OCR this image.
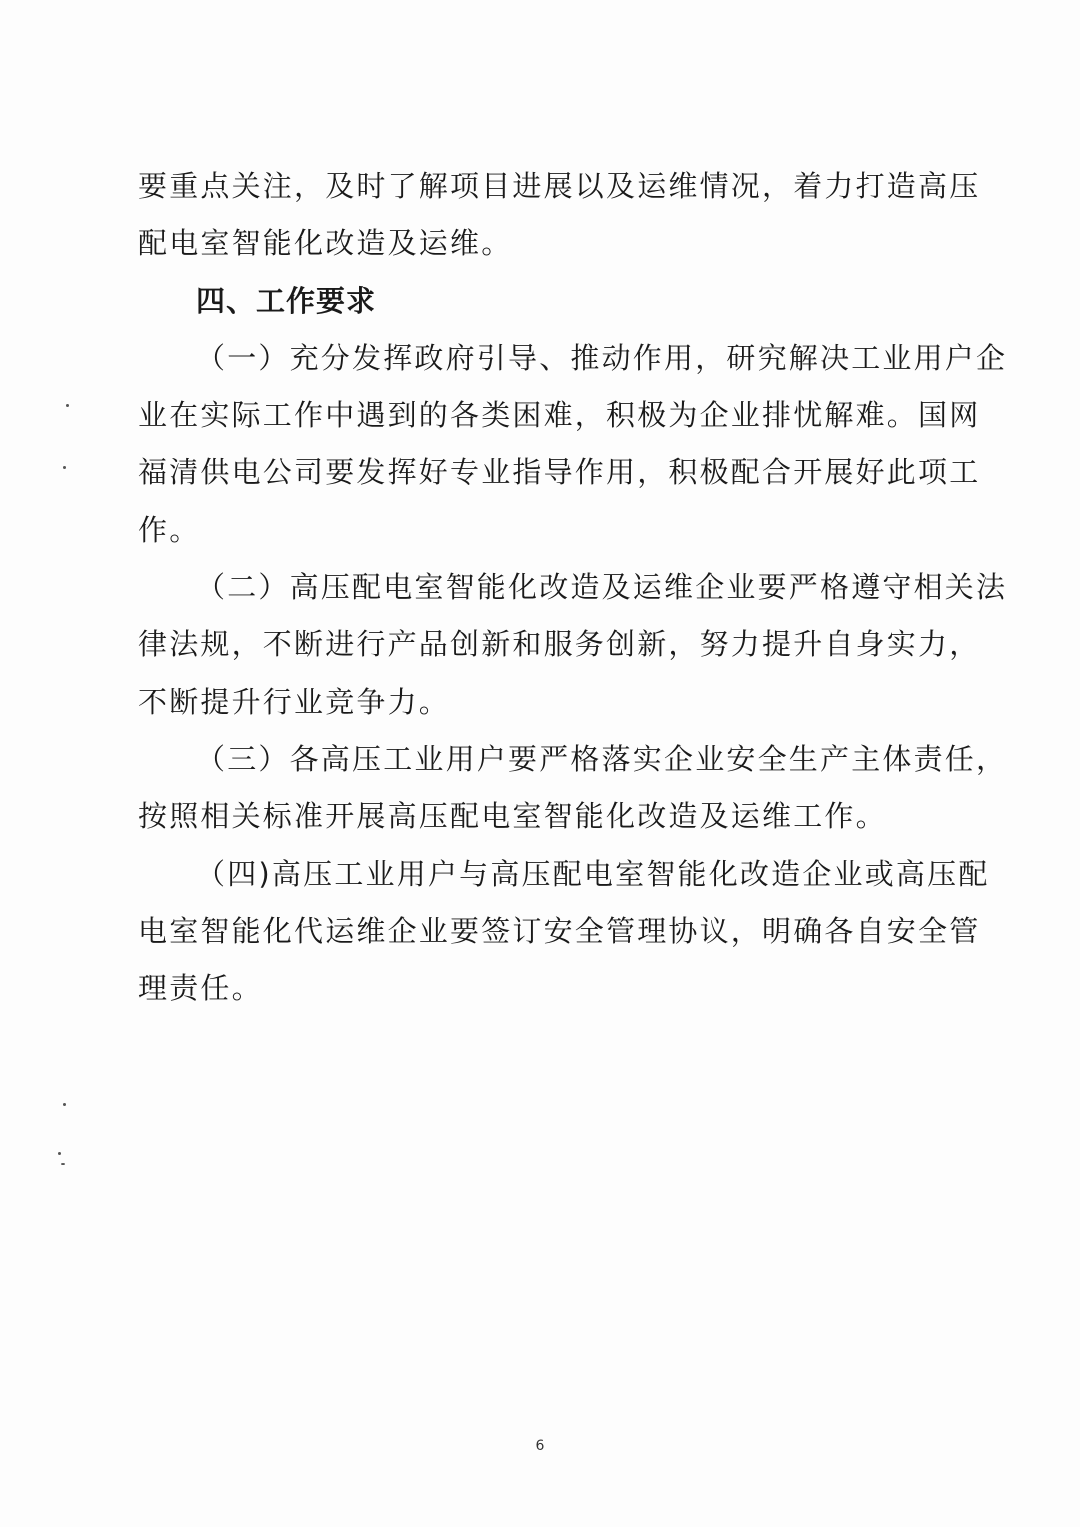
要重点关注，及时了解项目进展以及运维情况，着力打造高压
配电室智能化改造及运维。
四、工作要求
（一）充分发挥政府引导、推动作用，研究解决工业用户企
业在实际工作中遇到的各类困难，积极为企业排忧解难。国网
福清供电公司要发挥好专业指导作用，积极配合开展好此项工
作。
（二）高压配电室智能化改造及运维企业要严格遵守相关法
律法规，不断进行产品创新和服务创新，努力提升自身实力，
不断提升行业竞争力。
（三）各高压工业用户要严格落实企业安全生产主体责任，
按照相关标准开展高压配电室智能化改造及运维工作。
（四)高压工业用户与高压配电室智能化改造企业或高压配
电室智能化代运维企业要签订安全管理协议，明确各自安全管
理责任。
6
